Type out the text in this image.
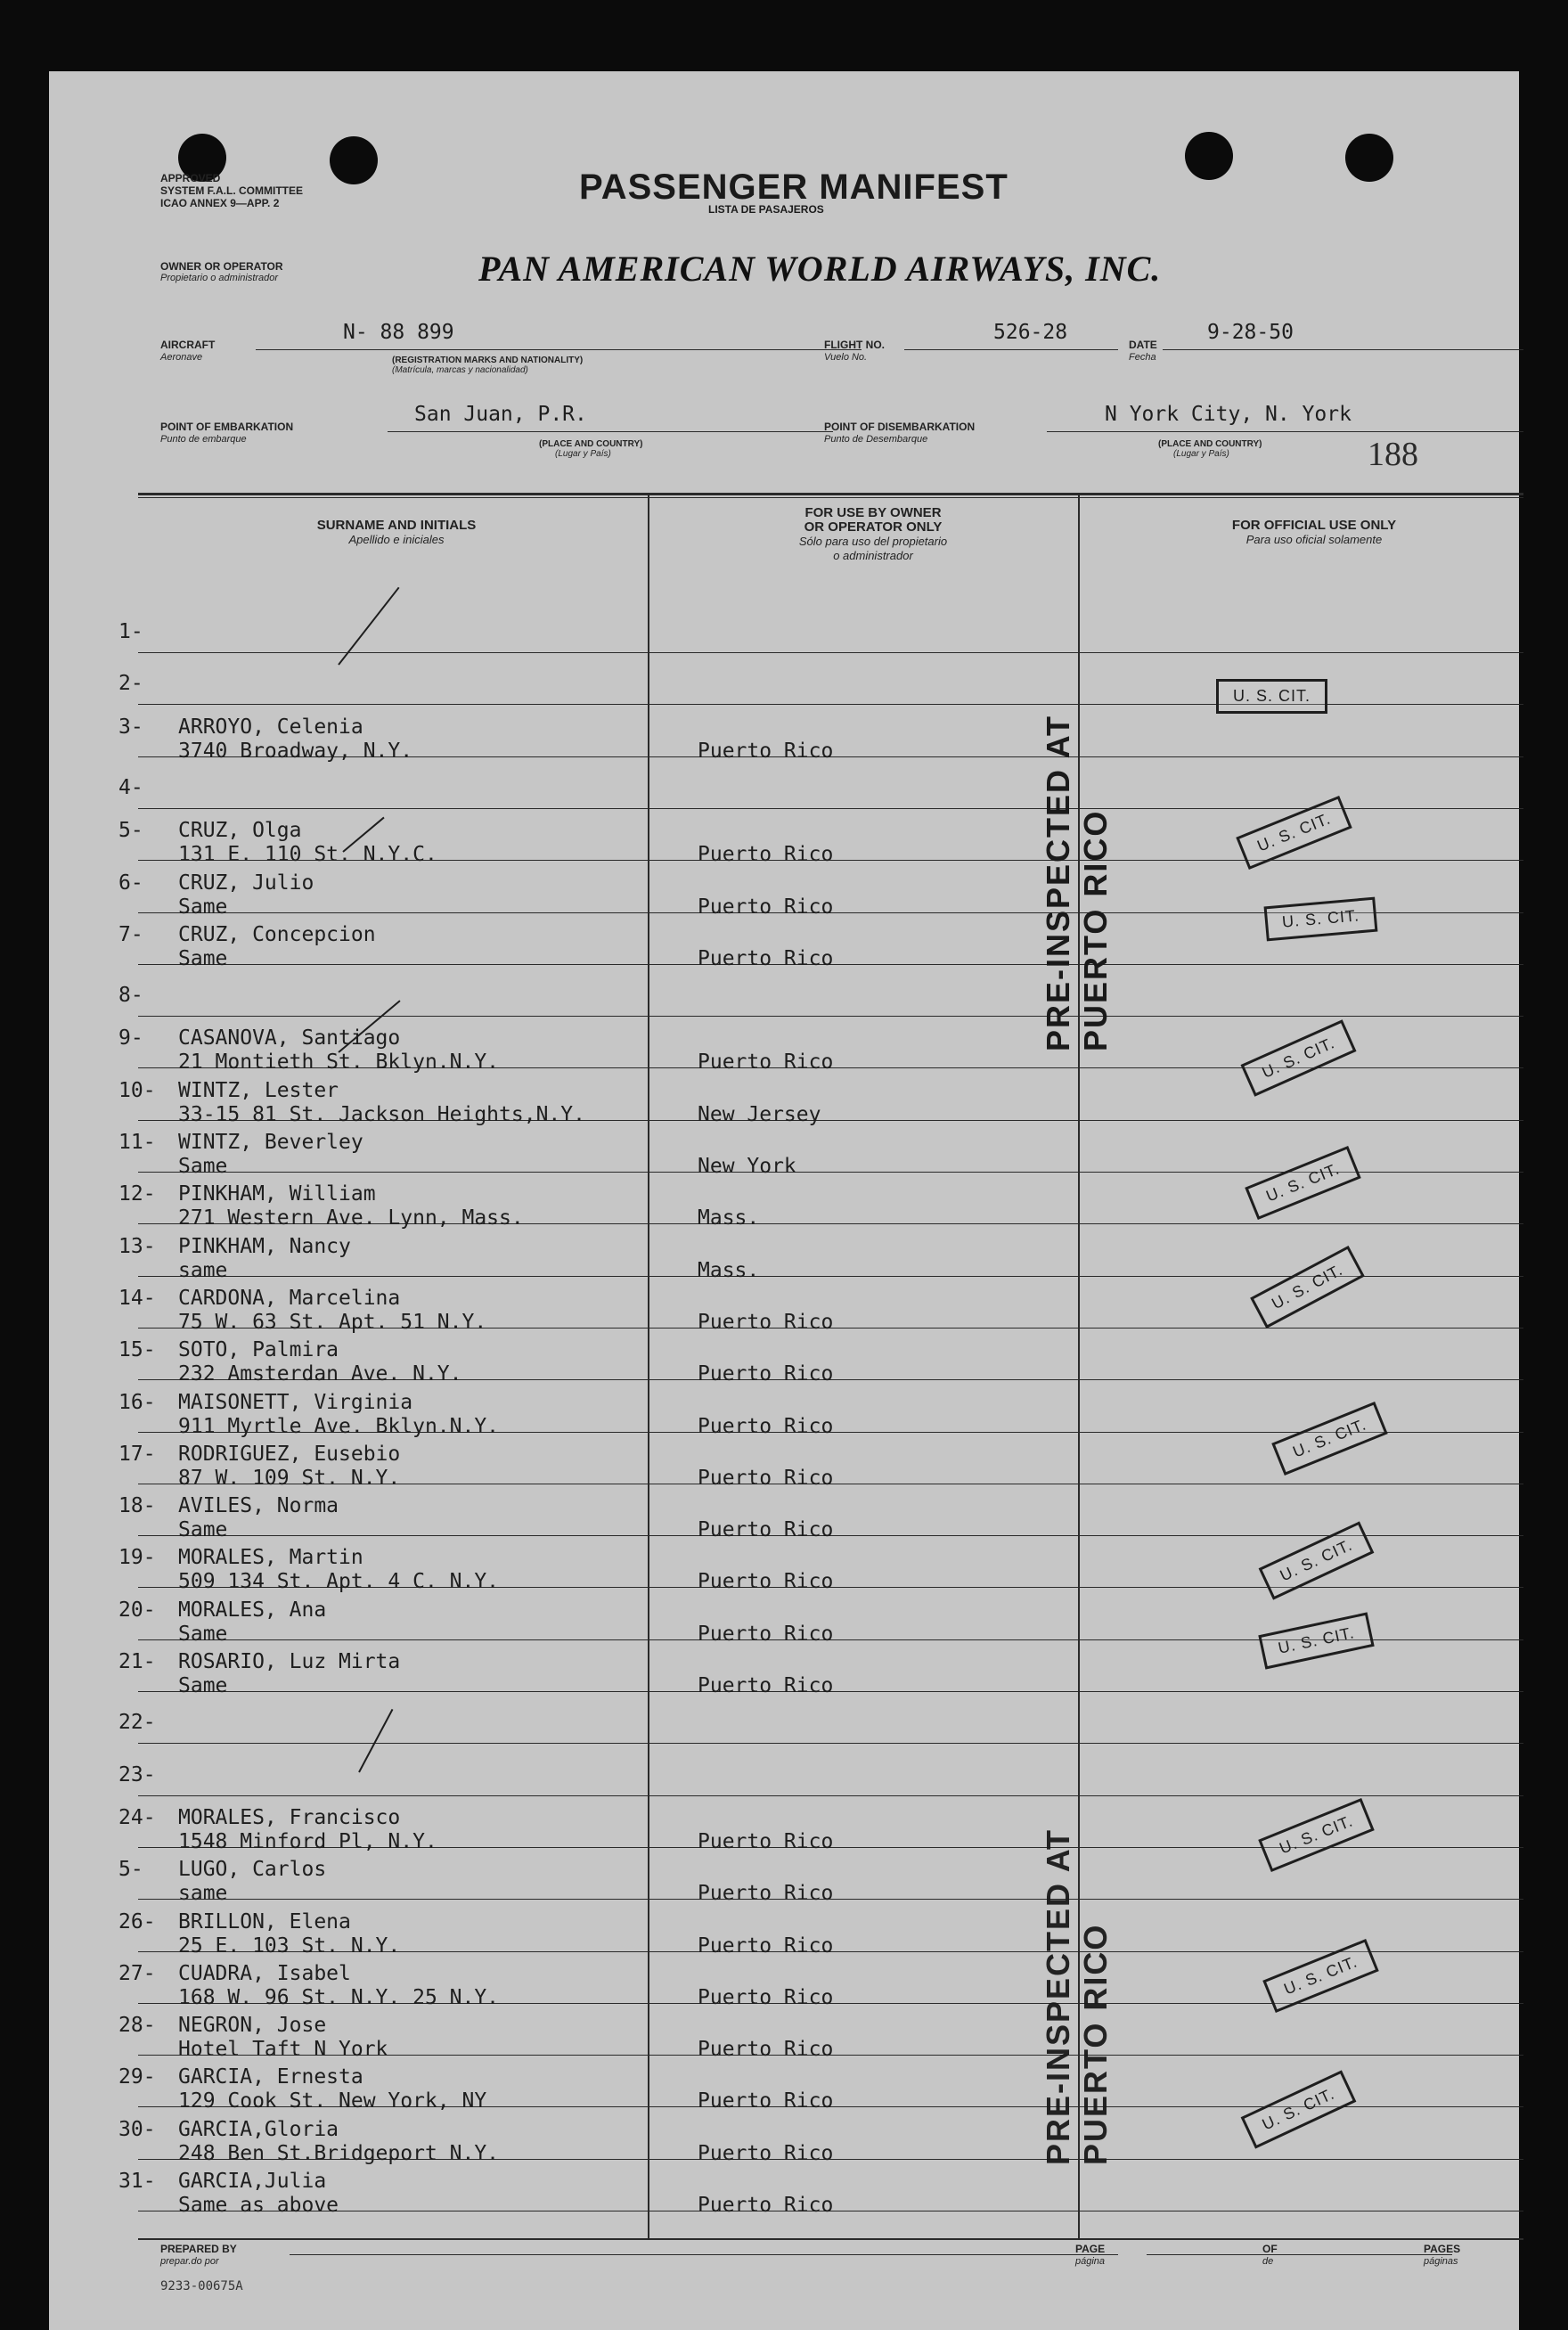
APPROVED
SYSTEM F.A.L. COMMITTEE
ICAO ANNEX 9—APP. 2	PASSENGER MANIFEST
LISTA DE PASAJEROS
OWNER OR OPERATOR
Propietario o administrador	PAN AMERICAN WORLD AIRWAYS, INC.
AIRCRAFT
Aeronave
N- 88 899
(REGISTRATION MARKS AND NATIONALITY)
(Matrícula, marcas y nacionalidad)
FLIGHT NO.
Vuelo No.
526-28
DATE
Fecha
9-28-50
POINT OF EMBARKATION
Punto de embarque
San Juan, P.R.
(PLACE AND COUNTRY)
(Lugar y País)
POINT OF DISEMBARKATION
Punto de Desembarque
N York City, N. York
(PLACE AND COUNTRY)
(Lugar y País)	188
SURNAME AND INITIALS
Apellido e iniciales
FOR USE BY OWNER
OR OPERATOR ONLY
Sólo para uso del propietario
o administrador
FOR OFFICIAL USE ONLY
Para uso oficial solamente
1-
2-
3- ARROYO, Celenia
3740 Broadway, N.Y.	Puerto Rico
4-
5- CRUZ, Olga
131 E. 110 St. N.Y.C.	Puerto Rico
6- CRUZ, Julio
Same	Puerto Rico
7- CRUZ, Concepcion
Same	Puerto Rico
8-
9- CASANOVA, Santiago
21 Montieth St. Bklyn.N.Y.	Puerto Rico
10- WINTZ, Lester
33-15 81 St. Jackson Heights,N.Y.	New Jersey
11- WINTZ, Beverley
Same	New York
12- PINKHAM, William
271 Western Ave. Lynn, Mass.	Mass.
13- PINKHAM, Nancy
same	Mass.
14- CARDONA, Marcelina
75 W. 63 St. Apt. 51 N.Y.	Puerto Rico
15- SOTO, Palmira
232 Amsterdan Ave. N.Y.	Puerto Rico
16- MAISONETT, Virginia
911 Myrtle Ave. Bklyn.N.Y.	Puerto Rico
17- RODRIGUEZ, Eusebio
87 W. 109 St. N.Y.	Puerto Rico
18- AVILES, Norma
Same	Puerto Rico
19- MORALES, Martin
509 134 St. Apt. 4 C. N.Y.	Puerto Rico
20- MORALES, Ana
Same	Puerto Rico
21- ROSARIO, Luz Mirta
Same	Puerto Rico
22-
23-
24- MORALES, Francisco
1548 Minford Pl, N.Y.	Puerto Rico
5- LUGO, Carlos
same	Puerto Rico
26- BRILLON, Elena
25 E. 103 St. N.Y.	Puerto Rico
27- CUADRA, Isabel
168 W. 96 St. N.Y. 25 N.Y.	Puerto Rico
28- NEGRON, Jose
Hotel Taft N York	Puerto Rico
29- GARCIA, Ernesta
129 Cook St. New York, NY	Puerto Rico
30- GARCIA,Gloria
248 Ben St.Bridgeport N.Y.	Puerto Rico
31- GARCIA,Julia
Same as above	Puerto Rico
PRE-INSPECTED AT PUERTO RICO
PRE-INSPECTED AT PUERTO RICO
U. S. CIT.
U. S. CIT.
U. S. CIT.
U. S. CIT.
U. S. CIT.
U. S. CIT.
U. S. CIT.
U. S. CIT.
U. S. CIT.
U. S. CIT.
U. S. CIT.
U. S. CIT.
PREPARED BY
prepar.do por
PAGE
página
OF
de
PAGES
páginas
9233-00675A
